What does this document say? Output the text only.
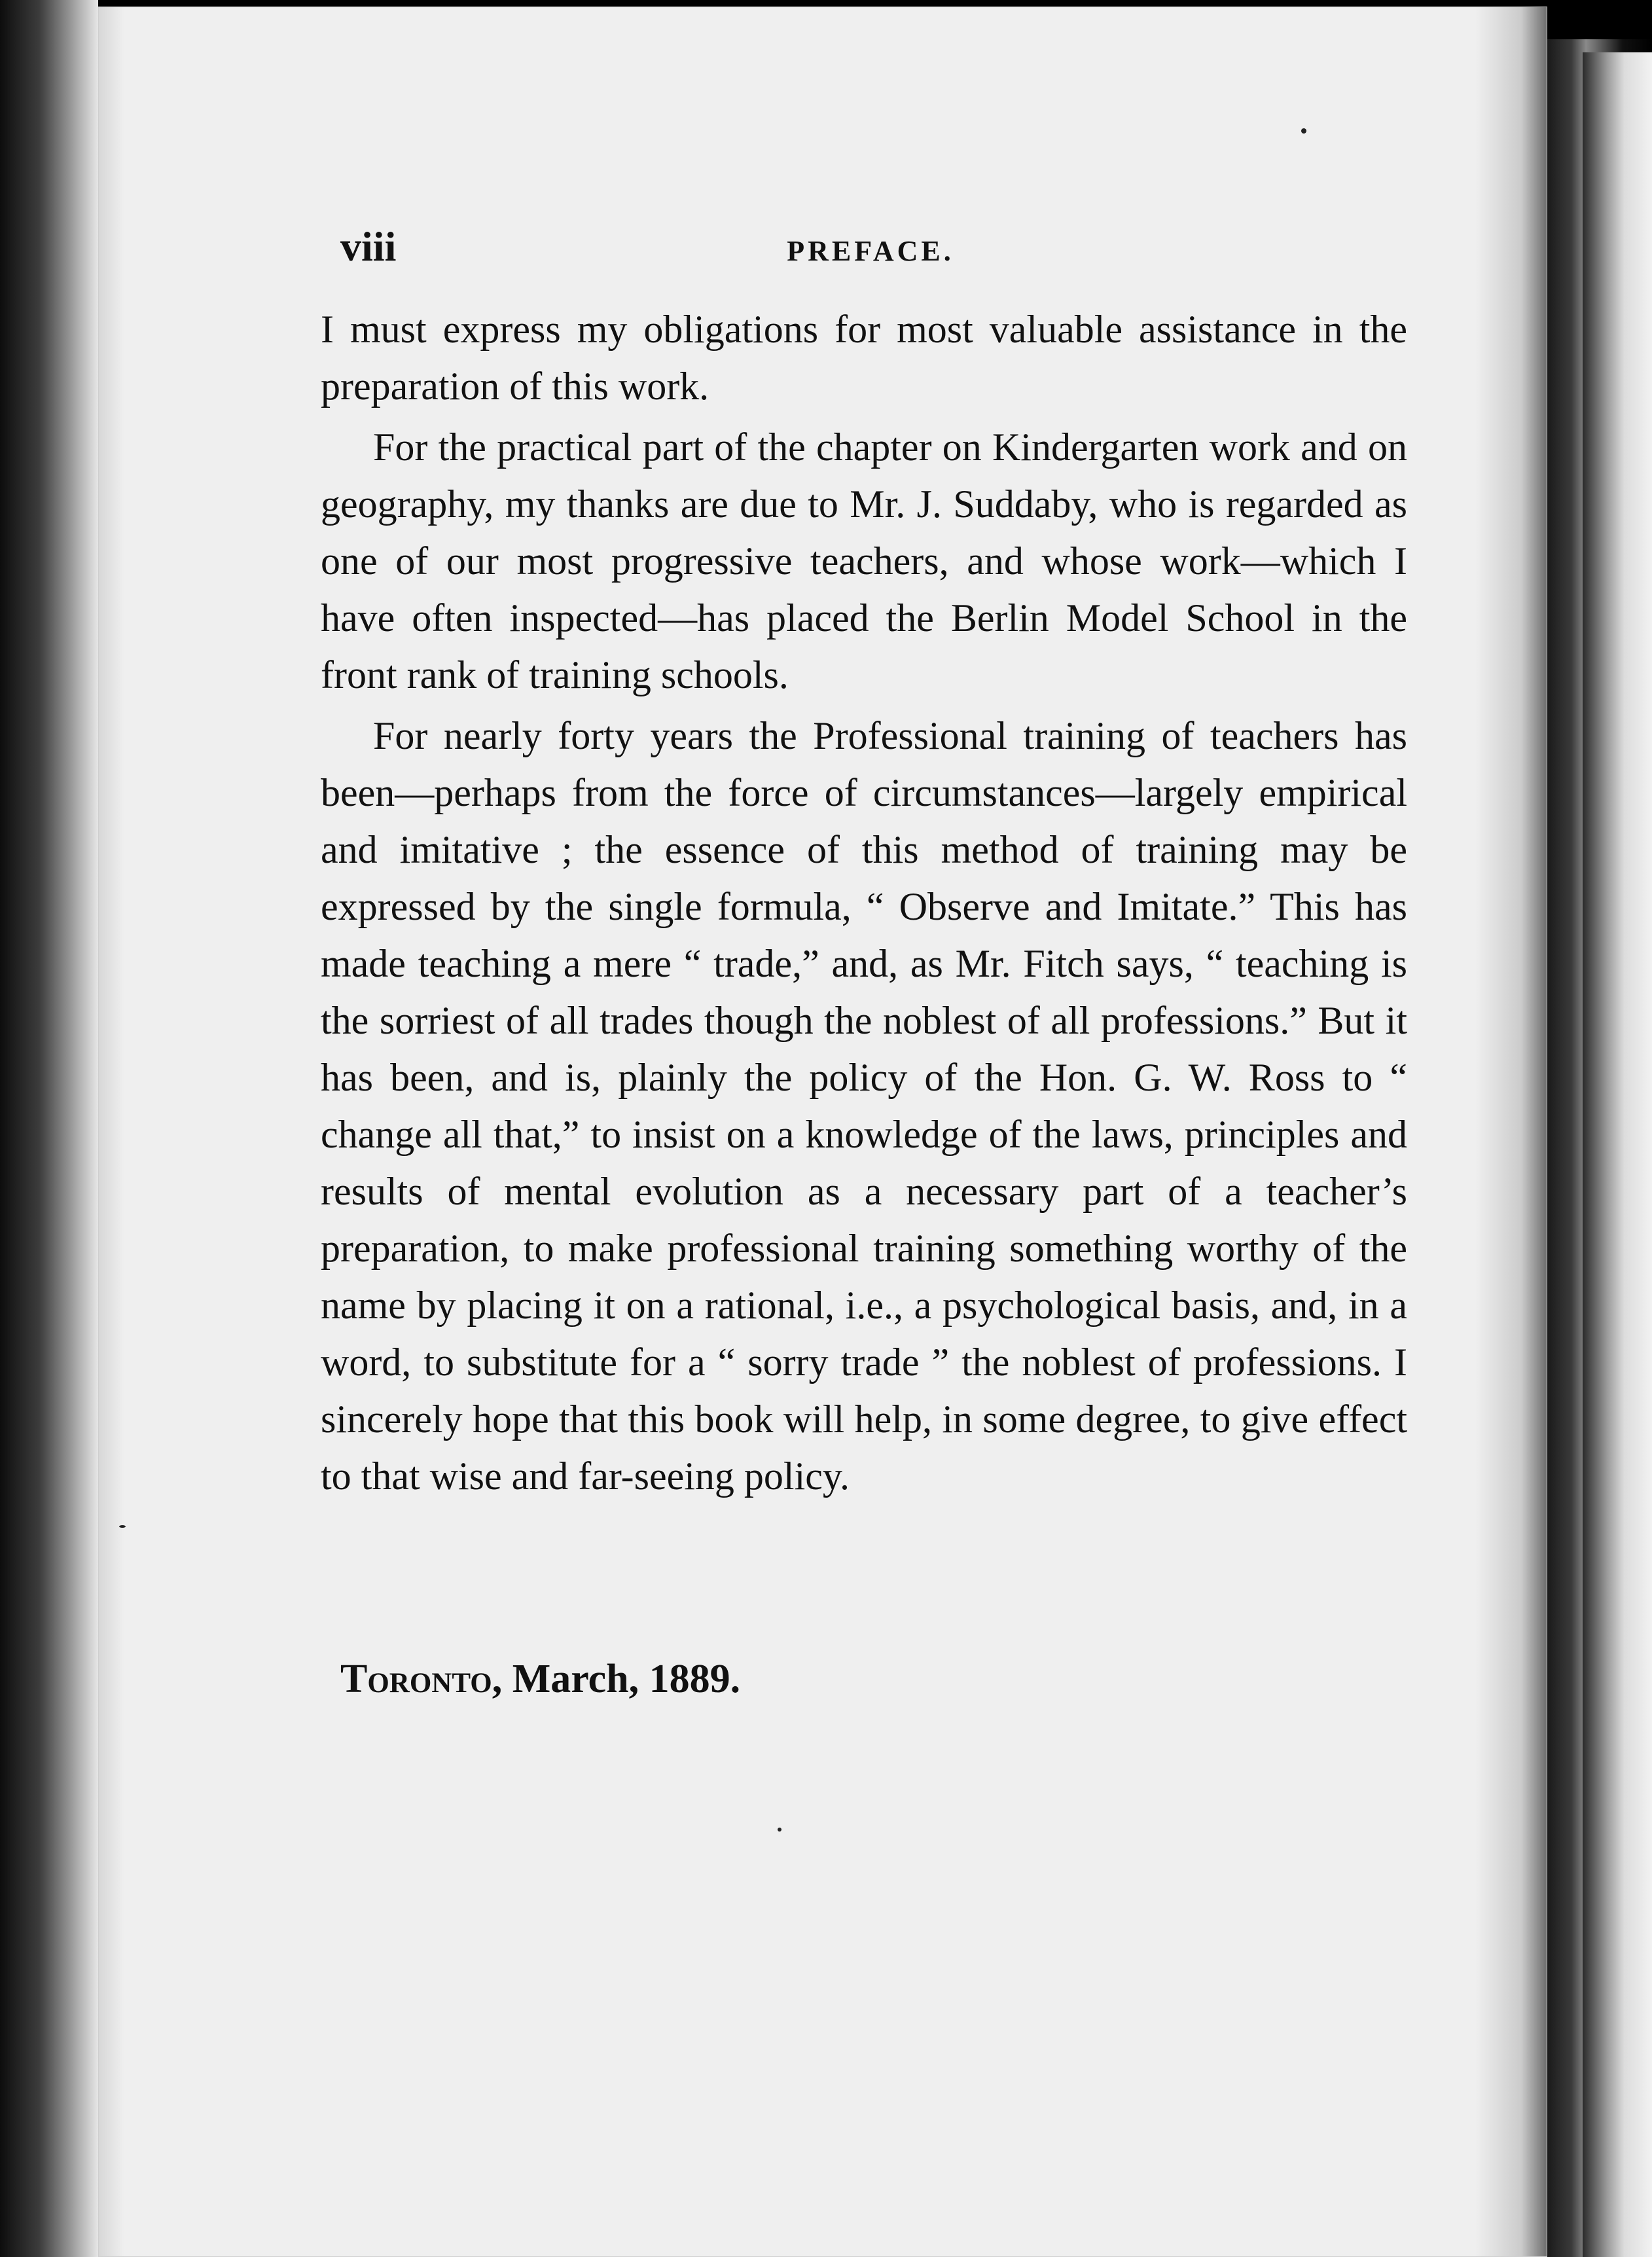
viii	PREFACE.

I must express my obligations for most valuable assistance in the preparation of this work.

For the practical part of the chapter on Kindergarten work and on geography, my thanks are due to Mr. J. Suddaby, who is regarded as one of our most progressive teachers, and whose work—which I have often inspected—has placed the Berlin Model School in the front rank of training schools.

For nearly forty years the Professional training of teachers has been—perhaps from the force of circumstances—largely empirical and imitative ; the essence of this method of training may be expressed by the single formula, “ Observe and Imitate.” This has made teaching a mere “ trade,” and, as Mr. Fitch says, “ teaching is the sorriest of all trades though the noblest of all professions.” But it has been, and is, plainly the policy of the Hon. G. W. Ross to “ change all that,” to insist on a knowledge of the laws, principles and results of mental evolution as a necessary part of a teacher’s preparation, to make professional training something worthy of the name by placing it on a rational, i.e., a psychological basis, and, in a word, to substitute for a “ sorry trade ” the noblest of professions. I sincerely hope that this book will help, in some degree, to give effect to that wise and far-seeing policy.

Toronto, March, 1889.
